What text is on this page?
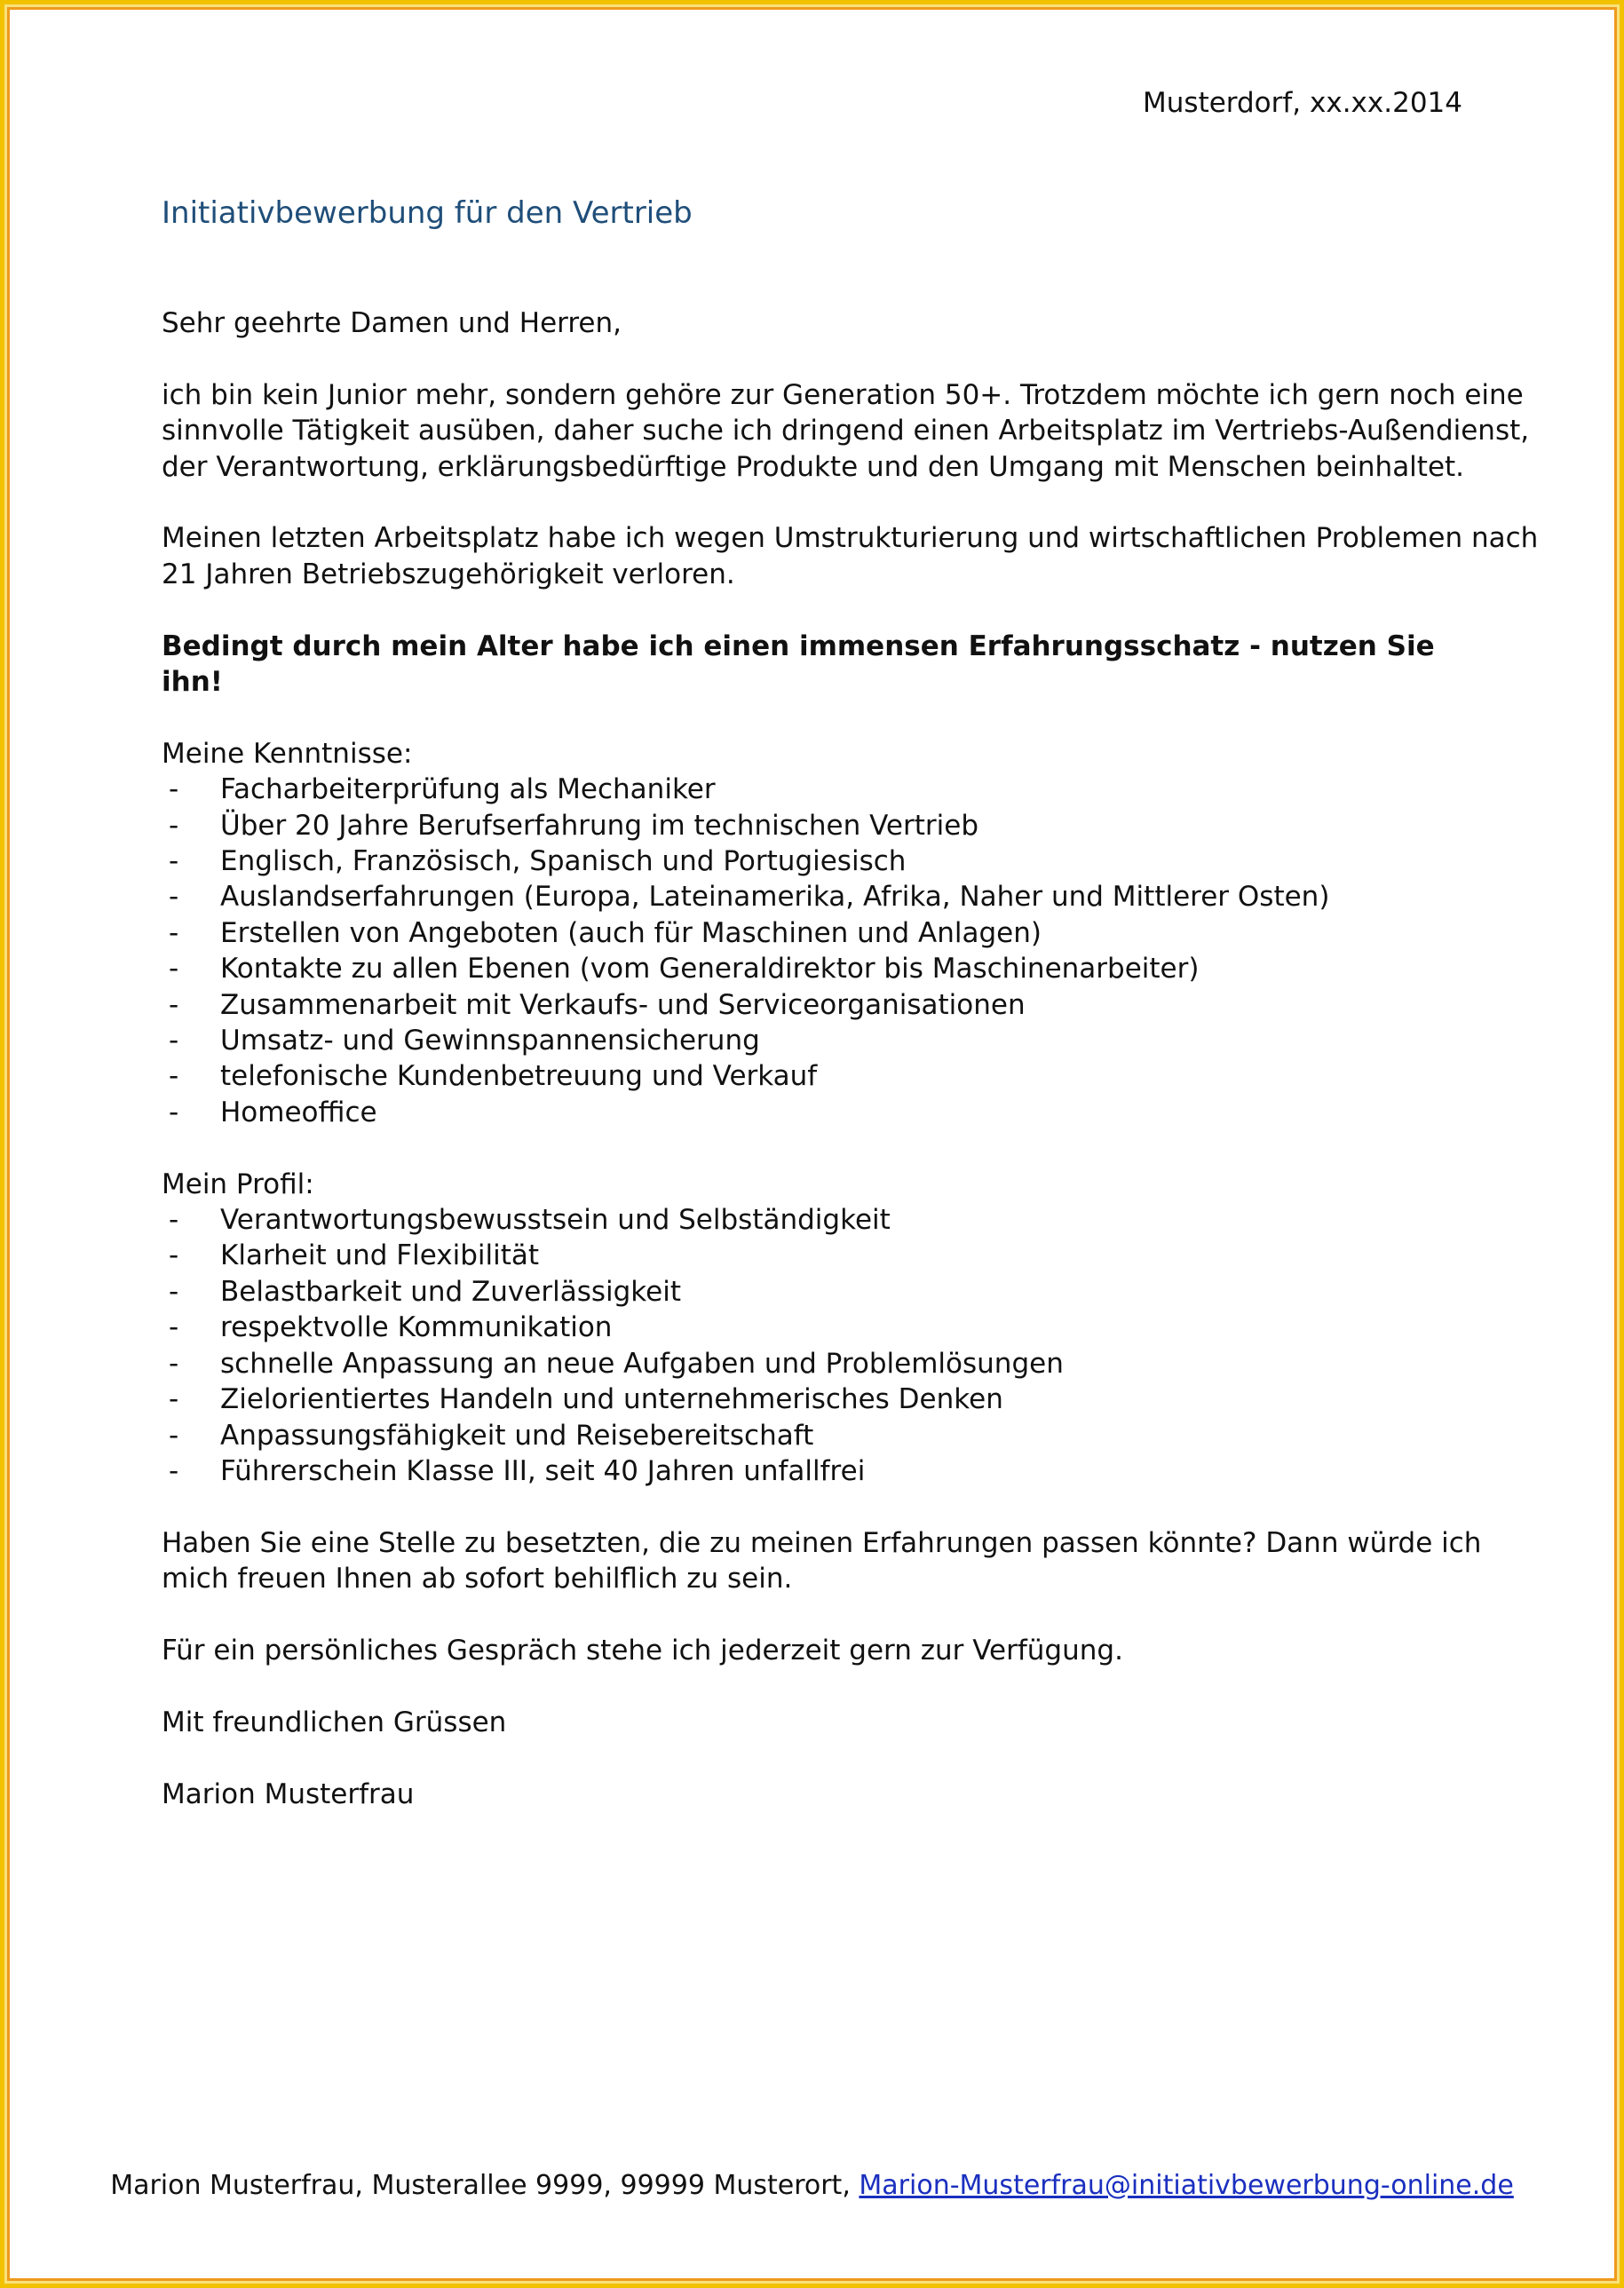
Musterdorf, xx.xx.2014
Initiativbewerbung für den Vertrieb

Sehr geehrte Damen und Herren,

ich bin kein Junior mehr, sondern gehöre zur Generation 50+. Trotzdem möchte ich gern noch eine
sinnvolle Tätigkeit ausüben, daher suche ich dringend einen Arbeitsplatz im Vertriebs-Außendienst,
der Verantwortung, erklärungsbedürftige Produkte und den Umgang mit Menschen beinhaltet.

Meinen letzten Arbeitsplatz habe ich wegen Umstrukturierung und wirtschaftlichen Problemen nach
21 Jahren Betriebszugehörigkeit verloren.

Bedingt durch mein Alter habe ich einen immensen Erfahrungsschatz - nutzen Sie ihn!

Meine Kenntnisse:
- Facharbeiterprüfung als Mechaniker
- Über 20 Jahre Berufserfahrung im technischen Vertrieb
- Englisch, Französisch, Spanisch und Portugiesisch
- Auslandserfahrungen (Europa, Lateinamerika, Afrika, Naher und Mittlerer Osten)
- Erstellen von Angeboten (auch für Maschinen und Anlagen)
- Kontakte zu allen Ebenen (vom Generaldirektor bis Maschinenarbeiter)
- Zusammenarbeit mit Verkaufs- und Serviceorganisationen
- Umsatz- und Gewinnspannensicherung
- telefonische Kundenbetreuung und Verkauf
- Homeoffice
Mein Profil:
- Verantwortungsbewusstsein und Selbständigkeit
- Klarheit und Flexibilität
- Belastbarkeit und Zuverlässigkeit
- respektvolle Kommunikation
- schnelle Anpassung an neue Aufgaben und Problemlösungen
- Zielorientiertes Handeln und unternehmerisches Denken
- Anpassungsfähigkeit und Reisebereitschaft
- Führerschein Klasse III, seit 40 Jahren unfallfrei

Haben Sie eine Stelle zu besetzten, die zu meinen Erfahrungen passen könnte? Dann würde ich
mich freuen Ihnen ab sofort behilflich zu sein.

Für ein persönliches Gespräch stehe ich jederzeit gern zur Verfügung.

Mit freundlichen Grüssen

Marion Musterfrau

Marion Musterfrau, Musterallee 9999, 99999 Musterort, Marion-Musterfrau@initiativbewerbung-online.de
